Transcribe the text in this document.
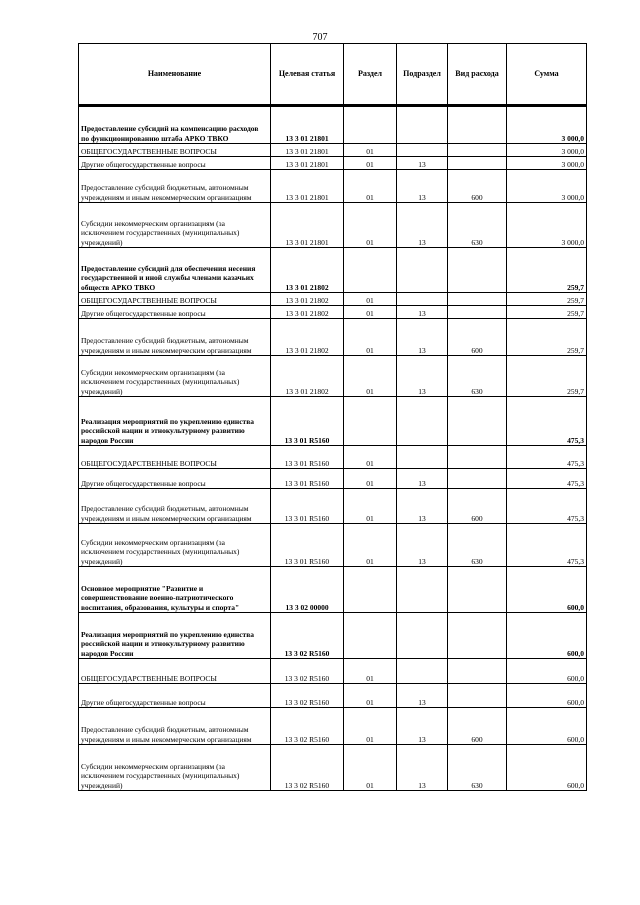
707
Наименование	Целевая статья	Раздел	Подраздел	Вид расхода	Сумма
Предоставление субсидий на компенсацию расходов по функционированию штаба АРКО ТВКО	13 3 01 21801				3 000,0
ОБЩЕГОСУДАРСТВЕННЫЕ ВОПРОСЫ	13 3 01 21801	01			3 000,0
Другие общегосударственные вопросы	13 3 01 21801	01	13		3 000,0
Предоставление субсидий бюджетным, автономным учреждениям и иным некоммерческим организациям	13 3 01 21801	01	13	600	3 000,0
Субсидии некоммерческим организациям (за исключением государственных (муниципальных) учреждений)	13 3 01 21801	01	13	630	3 000,0
Предоставление субсидий для обеспечения несения государственной и иной службы членами казачьих обществ АРКО ТВКО	13 3 01 21802				259,7
ОБЩЕГОСУДАРСТВЕННЫЕ ВОПРОСЫ	13 3 01 21802	01			259,7
Другие общегосударственные вопросы	13 3 01 21802	01	13		259,7
Предоставление субсидий бюджетным, автономным учреждениям и иным некоммерческим организациям	13 3 01 21802	01	13	600	259,7
Субсидии некоммерческим организациям (за исключением государственных (муниципальных) учреждений)	13 3 01 21802	01	13	630	259,7
Реализация мероприятий по укреплению единства российской нации и этнокультурному развитию народов России	13 3 01 R5160				475,3
ОБЩЕГОСУДАРСТВЕННЫЕ ВОПРОСЫ	13 3 01 R5160	01			475,3
Другие общегосударственные вопросы	13 3 01 R5160	01	13		475,3
Предоставление субсидий бюджетным, автономным учреждениям и иным некоммерческим организациям	13 3 01 R5160	01	13	600	475,3
Субсидии некоммерческим организациям (за исключением государственных (муниципальных) учреждений)	13 3 01 R5160	01	13	630	475,3
Основное мероприятие "Развитие и совершенствование военно-патриотического воспитания, образования, культуры и спорта"	13 3 02 00000				600,0
Реализация мероприятий по укреплению единства российской нации и этнокультурному развитию народов России	13 3 02 R5160				600,0
ОБЩЕГОСУДАРСТВЕННЫЕ ВОПРОСЫ	13 3 02 R5160	01			600,0
Другие общегосударственные вопросы	13 3 02 R5160	01	13		600,0
Предоставление субсидий бюджетным, автономным учреждениям и иным некоммерческим организациям	13 3 02 R5160	01	13	600	600,0
Субсидии некоммерческим организациям (за исключением государственных (муниципальных) учреждений)	13 3 02 R5160	01	13	630	600,0
